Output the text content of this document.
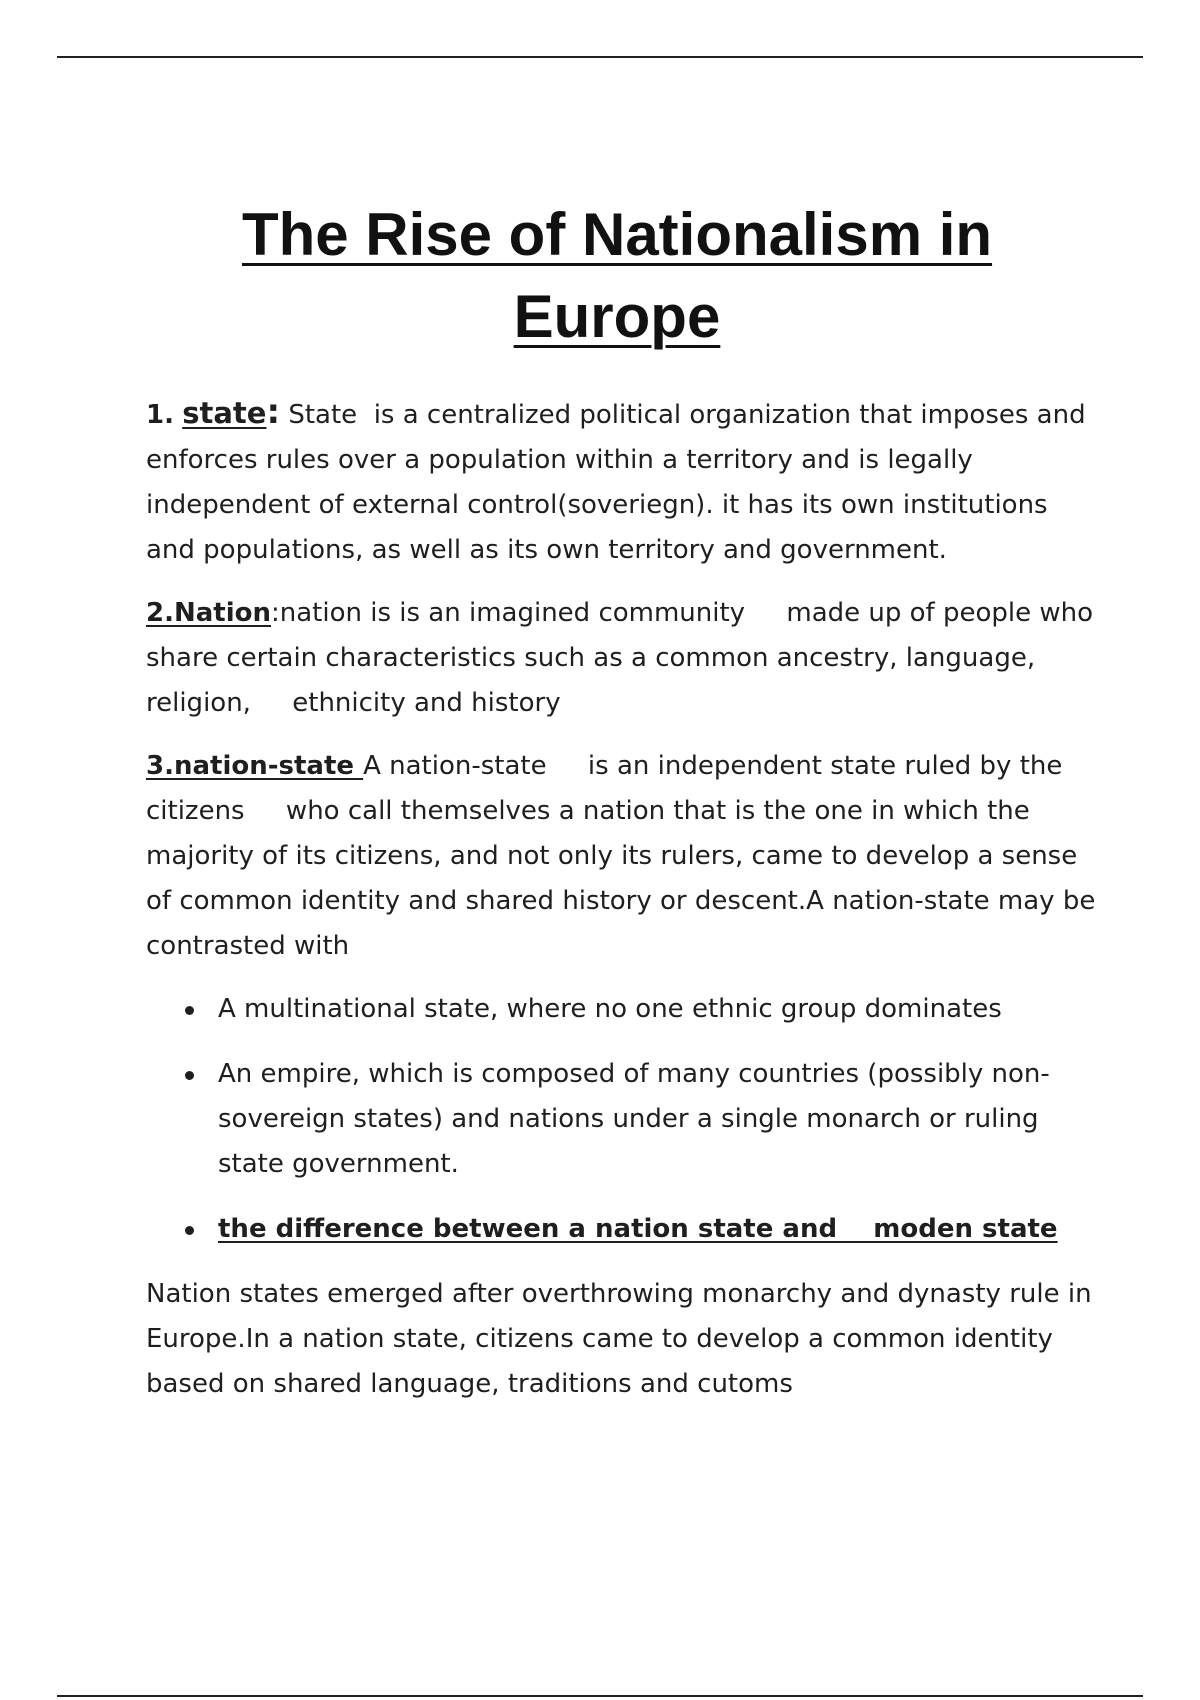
The Rise of Nationalism in
Europe

1. state: State  is a centralized political organization that imposes and enforces rules over a population within a territory and is legally independent of external control(soveriegn). it has its own institutions and populations, as well as its own territory and government.

2.Nation:nation is is an imagined community     made up of people who share certain characteristics such as a common ancestry, language, religion,     ethnicity and history

3.nation-state A nation-state     is an independent state ruled by the citizens     who call themselves a nation that is the one in which the majority of its citizens, and not only its rulers, came to develop a sense of common identity and shared history or descent.A nation-state may be contrasted with

A multinational state, where no one ethnic group dominates
An empire, which is composed of many countries (possibly non-sovereign states) and nations under a single monarch or ruling state government.
the difference between a nation state and    moden state

Nation states emerged after overthrowing monarchy and dynasty rule in Europe.In a nation state, citizens came to develop a common identity based on shared language, traditions and cutoms
